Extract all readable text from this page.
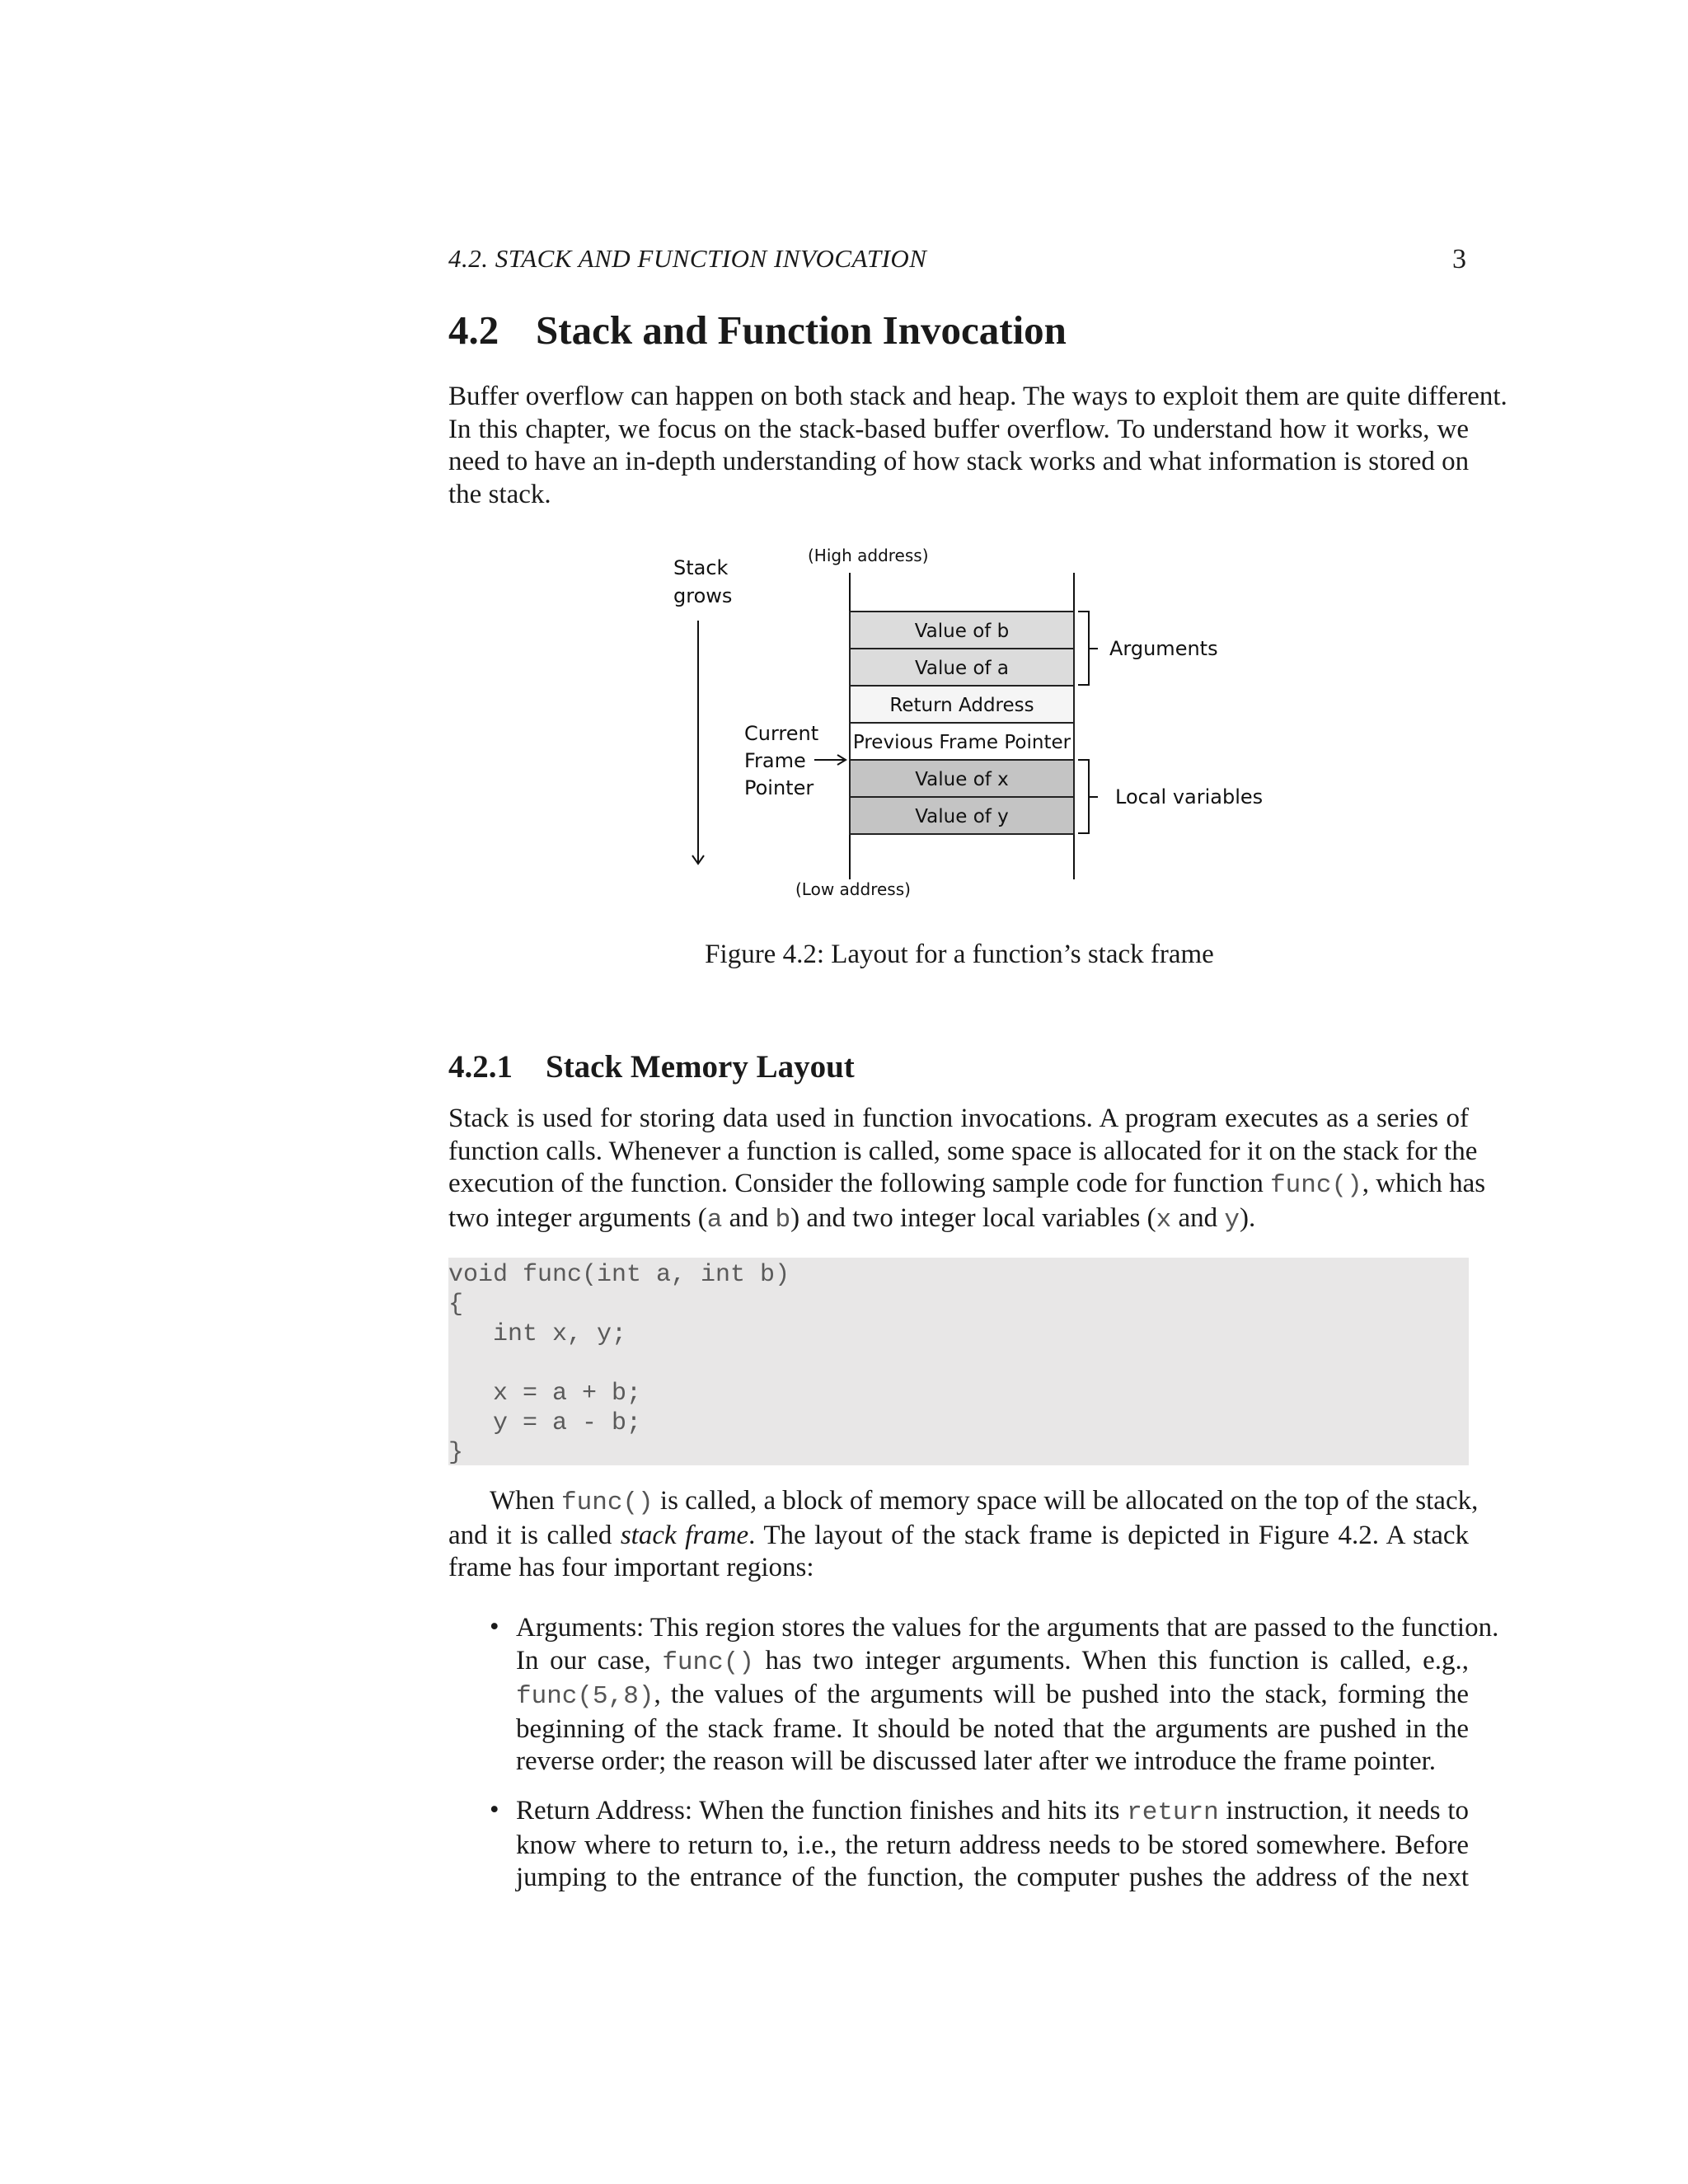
4.2. STACK AND FUNCTION INVOCATION	3
4.2 Stack and Function Invocation
Buffer overflow can happen on both stack and heap. The ways to exploit them are quite different.
In this chapter, we focus on the stack-based buffer overflow. To understand how it works, we
need to have an in-depth understanding of how stack works and what information is stored on
the stack.
(High address)
Stack
grows
Value of b
Value of a
Return Address
Previous Frame Pointer
Value of x
Value of y
Current
Frame
Pointer
Arguments
Local variables
(Low address)
Figure 4.2: Layout for a function’s stack frame
4.2.1 Stack Memory Layout
Stack is used for storing data used in function invocations. A program executes as a series of
function calls. Whenever a function is called, some space is allocated for it on the stack for the
execution of the function. Consider the following sample code for function func(), which has
two integer arguments (a and b) and two integer local variables (x and y).
void func(int a, int b)
{
int x, y;

x = a + b;
y = a - b;
}
When func() is called, a block of memory space will be allocated on the top of the stack,
and it is called stack frame. The layout of the stack frame is depicted in Figure 4.2. A stack
frame has four important regions:
• Arguments: This region stores the values for the arguments that are passed to the function.
In our case, func() has two integer arguments. When this function is called, e.g.,
func(5,8), the values of the arguments will be pushed into the stack, forming the
beginning of the stack frame. It should be noted that the arguments are pushed in the
reverse order; the reason will be discussed later after we introduce the frame pointer.
• Return Address: When the function finishes and hits its return instruction, it needs to
know where to return to, i.e., the return address needs to be stored somewhere. Before
jumping to the entrance of the function, the computer pushes the address of the next
